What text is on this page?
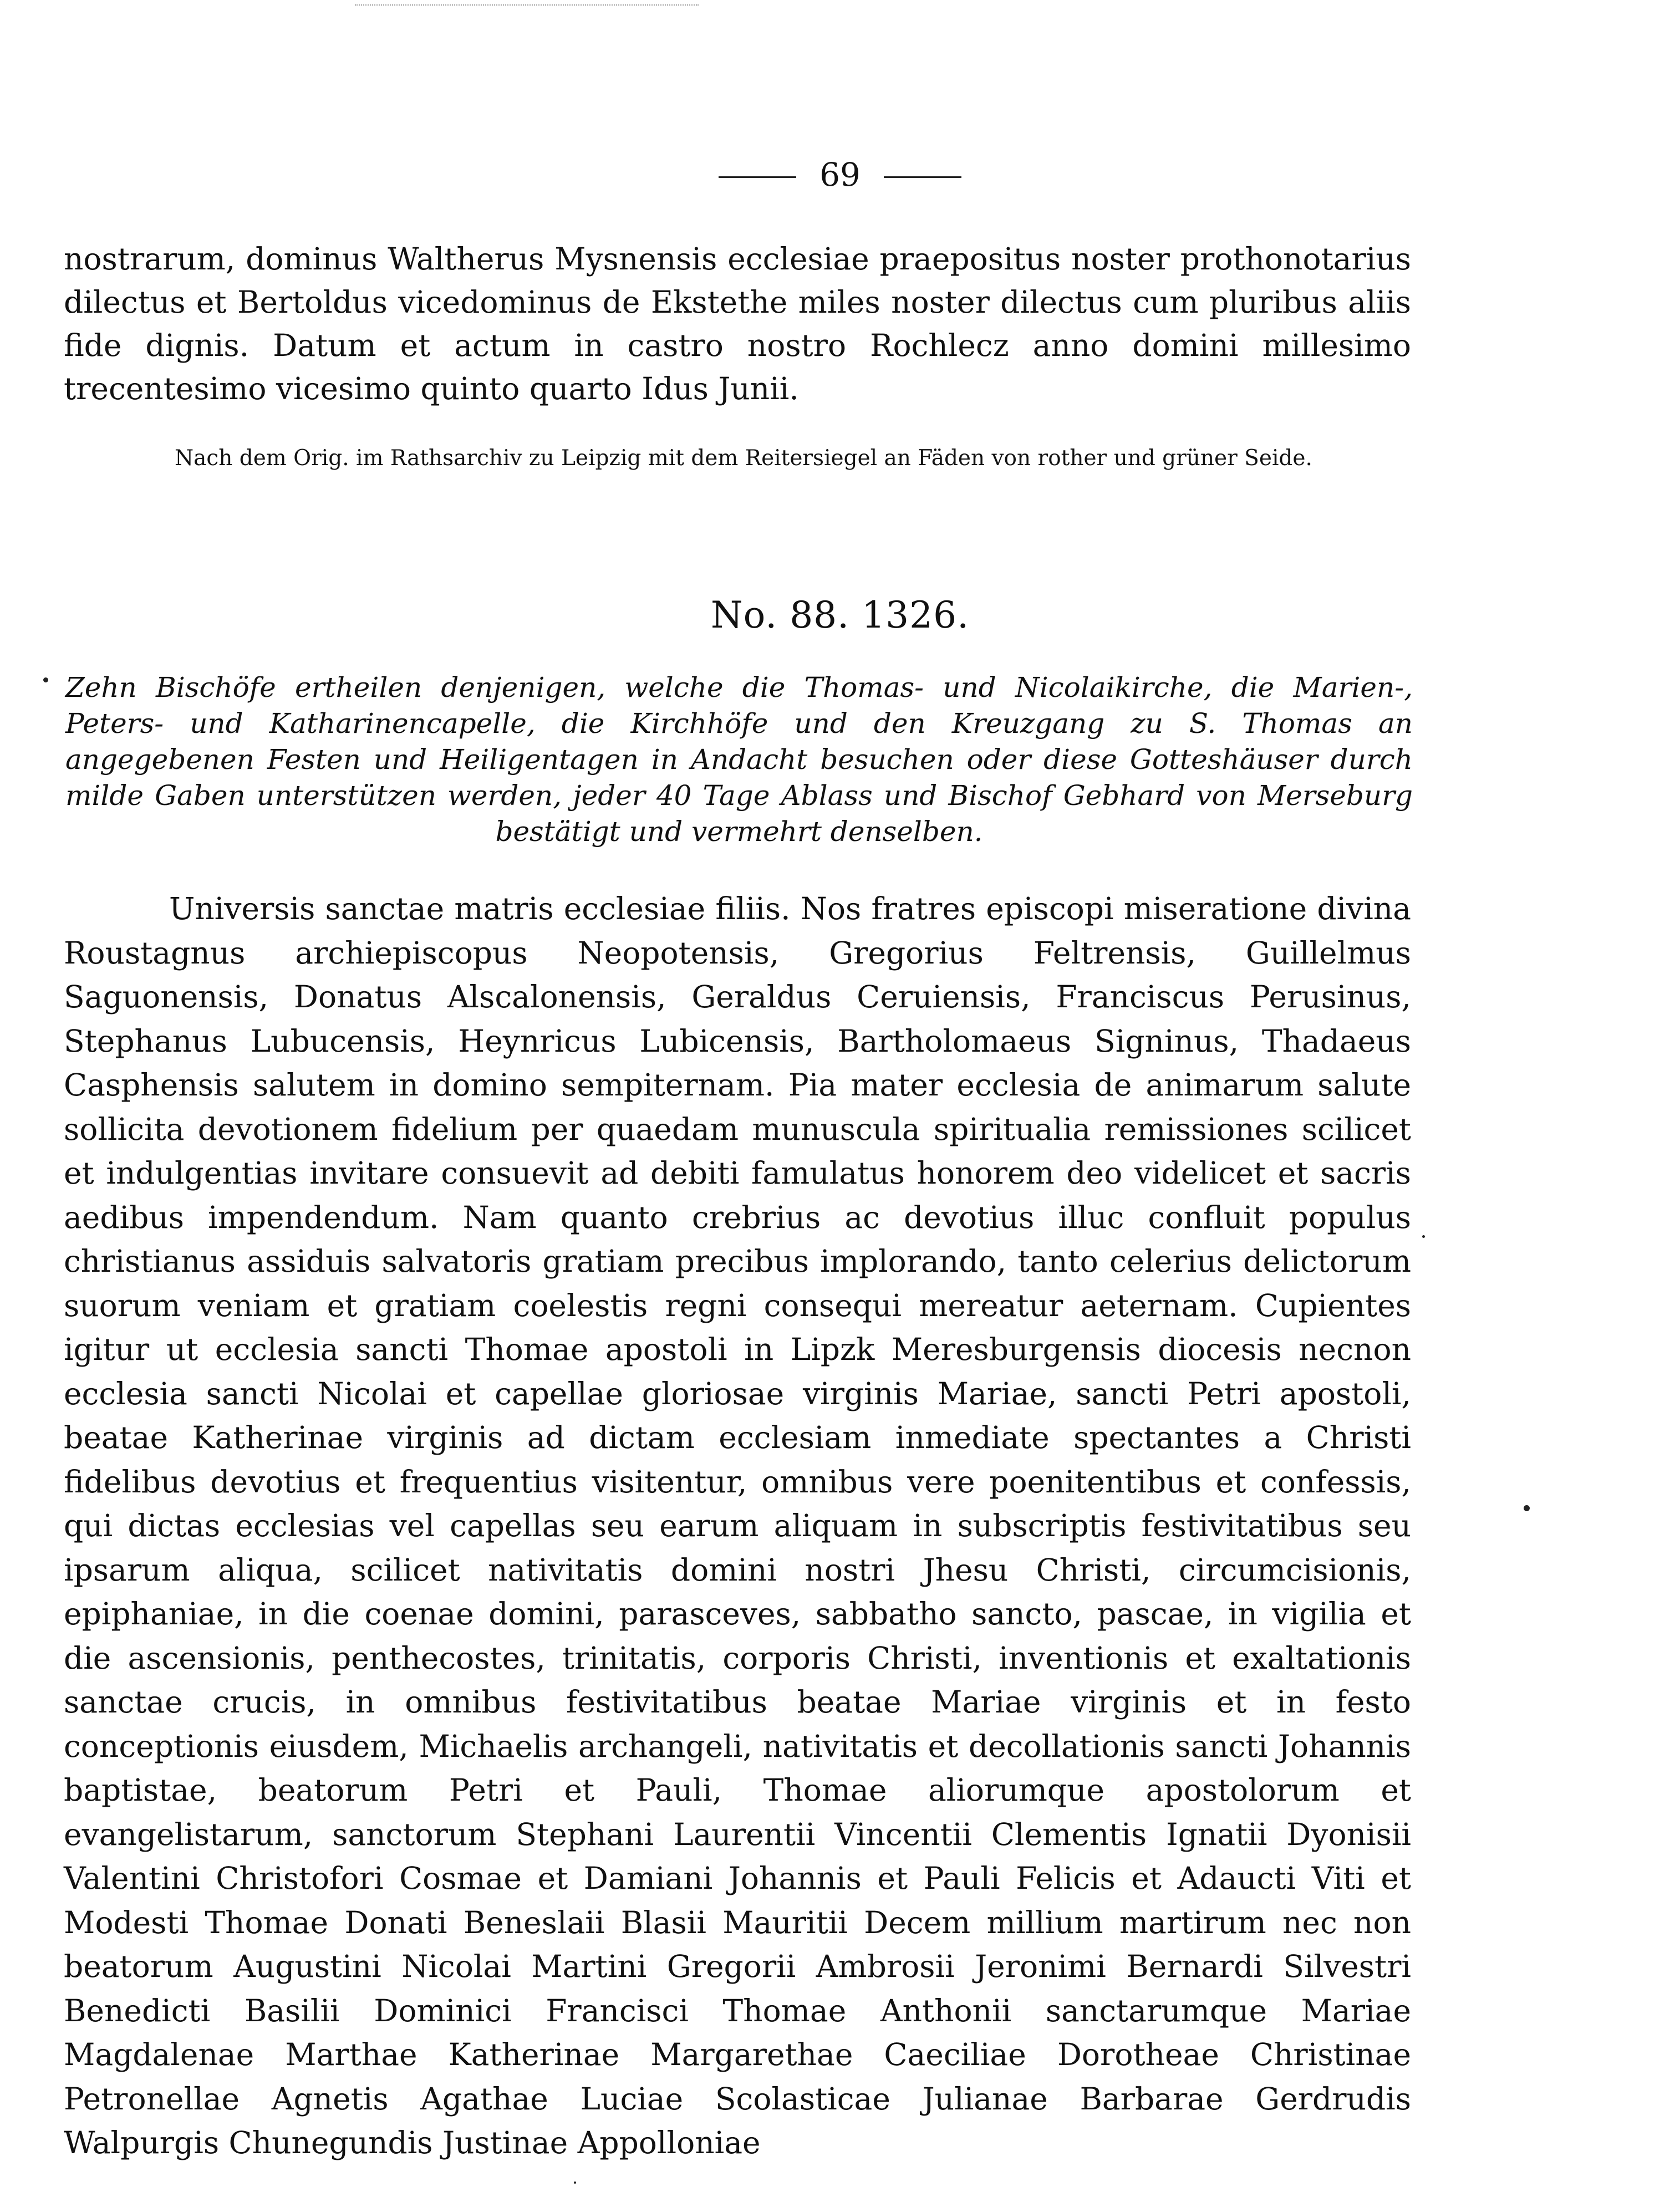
69
nostrarum, dominus Waltherus Mysnensis ecclesiae praepositus noster prothonotarius dilectus et Bertoldus vicedominus de Ekstethe miles noster dilectus cum pluribus aliis fide dignis. Datum et actum in castro nostro Rochlecz anno domini millesimo trecentesimo vicesimo quinto quarto Idus Junii.
Nach dem Orig. im Rathsarchiv zu Leipzig mit dem Reitersiegel an Fäden von rother und grüner Seide.
No. 88. 1326.
Zehn Bischöfe ertheilen denjenigen, welche die Thomas- und Nicolaikirche, die Marien-, Peters- und Katharinencapelle, die Kirchhöfe und den Kreuzgang zu S. Thomas an angegebenen Festen und Heiligentagen in Andacht besuchen oder diese Gotteshäuser durch milde Gaben unterstützen werden, jeder 40 Tage Ablass und Bischof Gebhard von Merseburg bestätigt und vermehrt denselben.
Universis sanctae matris ecclesiae filiis. Nos fratres episcopi miseratione divina Roustagnus archiepiscopus Neopotensis, Gregorius Feltrensis, Guillelmus Saguonensis, Donatus Alscalonensis, Geraldus Ceruiensis, Franciscus Perusinus, Stephanus Lubucensis, Heynricus Lubicensis, Bartholomaeus Signinus, Thadaeus Casphensis salutem in domino sempiternam. Pia mater ecclesia de animarum salute sollicita devotionem fidelium per quaedam munuscula spiritualia remissiones scilicet et indulgentias invitare consuevit ad debiti famulatus honorem deo videlicet et sacris aedibus impendendum. Nam quanto crebrius ac devotius illuc confluit populus christianus assiduis salvatoris gratiam precibus implorando, tanto celerius delictorum suorum veniam et gratiam coelestis regni consequi mereatur aeternam. Cupientes igitur ut ecclesia sancti Thomae apostoli in Lipzk Meresburgensis diocesis necnon ecclesia sancti Nicolai et capellae gloriosae virginis Mariae, sancti Petri apostoli, beatae Katherinae virginis ad dictam ecclesiam inmediate spectantes a Christi fidelibus devotius et frequentius visitentur, omnibus vere poenitentibus et confessis, qui dictas ecclesias vel capellas seu earum aliquam in subscriptis festivitatibus seu ipsarum aliqua, scilicet nativitatis domini nostri Jhesu Christi, circumcisionis, epiphaniae, in die coenae domini, parasceves, sabbatho sancto, pascae, in vigilia et die ascensionis, penthecostes, trinitatis, corporis Christi, inventionis et exaltationis sanctae crucis, in omnibus festivitatibus beatae Mariae virginis et in festo conceptionis eiusdem, Michaelis archangeli, nativitatis et decollationis sancti Johannis baptistae, beatorum Petri et Pauli, Thomae aliorumque apostolorum et evangelistarum, sanctorum Stephani Laurentii Vincentii Clementis Ignatii Dyonisii Valentini Christofori Cosmae et Damiani Johannis et Pauli Felicis et Adaucti Viti et Modesti Thomae Donati Beneslaii Blasii Mauritii Decem millium martirum nec non beatorum Augustini Nicolai Martini Gregorii Ambrosii Jeronimi Bernardi Silvestri Benedicti Basilii Dominici Francisci Thomae Anthonii sanctarumque Mariae Magdalenae Marthae Katherinae Margarethae Caeciliae Dorotheae Christinae Petronellae Agnetis Agathae Luciae Scolasticae Julianae Barbarae Gerdrudis Walpurgis Chunegundis Justinae Appolloniae
